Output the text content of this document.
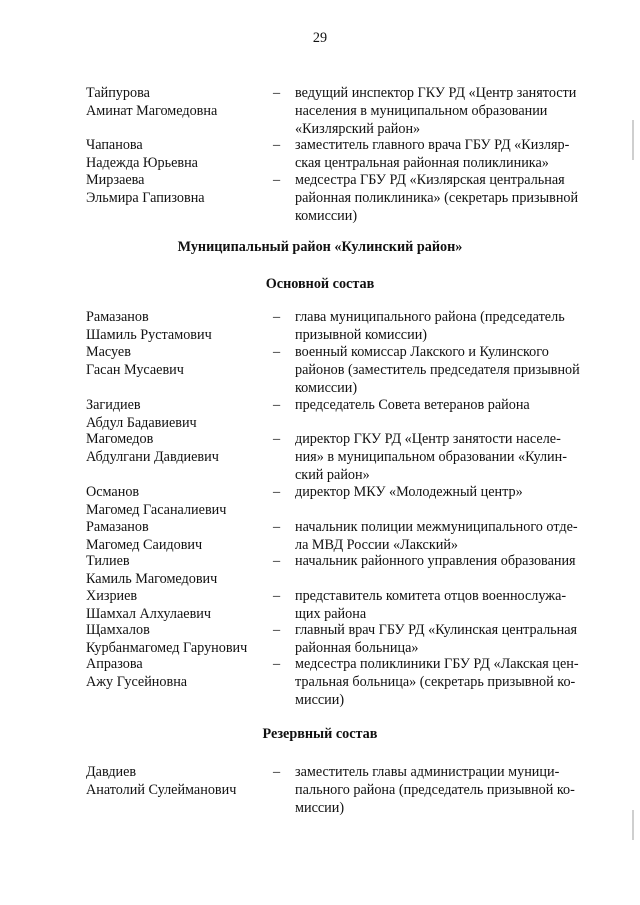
29
Тайпурова
Аминат Магомедовна
– ведущий инспектор ГКУ РД «Центр занятости
населения в муниципальном образовании
«Кизлярский район»
Чапанова
Надежда Юрьевна
– заместитель главного врача ГБУ РД «Кизляр-
ская центральная районная поликлиника»
Мирзаева
Эльмира Гапизовна
– медсестра ГБУ РД «Кизлярская центральная
районная поликлиника» (секретарь призывной
комиссии)
Муниципальный район «Кулинский район»
Основной состав
Рамазанов
Шамиль Рустамович
– глава муниципального района (председатель
призывной комиссии)
Масуев
Гасан Мусаевич
– военный комиссар Лакского и Кулинского
районов (заместитель председателя призывной
комиссии)
Загидиев
Абдул Бадавиевич
– председатель Совета ветеранов района
Магомедов
Абдулгани Давдиевич
– директор ГКУ РД «Центр занятости населе-
ния» в муниципальном образовании «Кулин-
ский район»
Османов
Магомед Гасаналиевич
– директор МКУ «Молодежный центр»
Рамазанов
Магомед Саидович
– начальник полиции межмуниципального отде-
ла МВД России «Лакский»
Тилиев
Камиль Магомедович
– начальник районного управления образования
Хизриев
Шамхал Алхулаевич
– представитель комитета отцов военнослужа-
щих района
Щамхалов
Курбанмагомед Гарунович
– главный врач ГБУ РД «Кулинская центральная
районная больница»
Апразова
Ажу Гусейновна
– медсестра поликлиники ГБУ РД «Лакская цен-
тральная больница» (секретарь призывной ко-
миссии)
Резервный состав
Давдиев
Анатолий Сулейманович
– заместитель главы администрации муници-
пального района (председатель призывной ко-
миссии)
